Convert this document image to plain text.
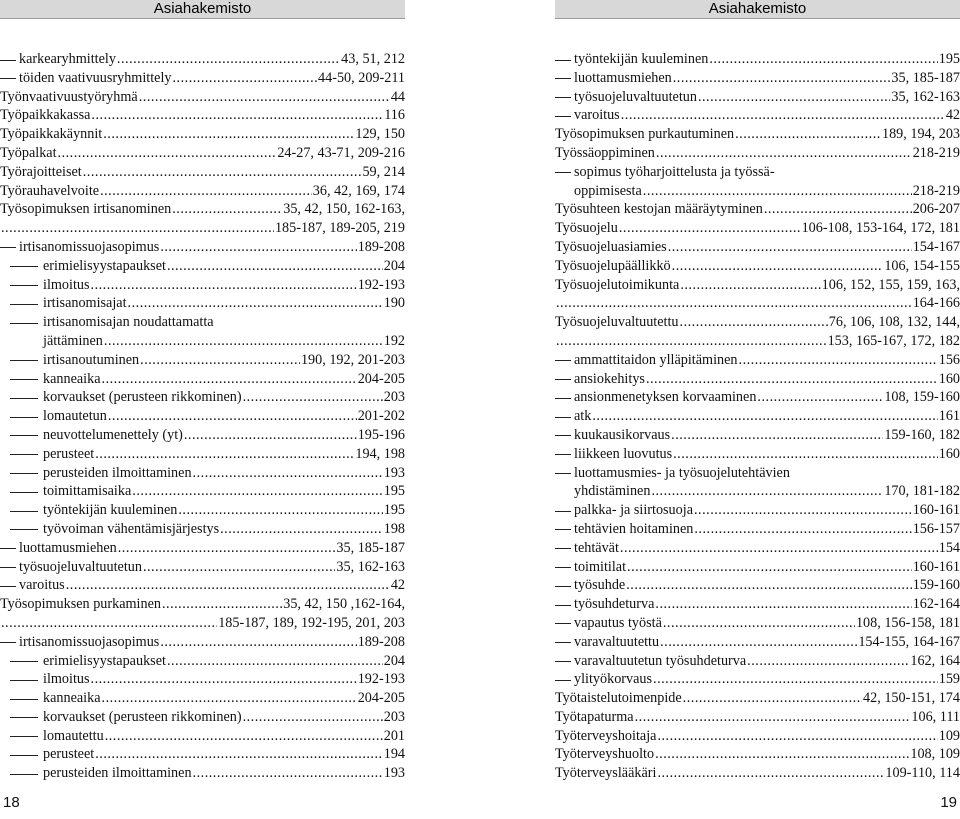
Asiahakemisto
karkearyhmittely .....	43, 51, 212
töiden vaativuusryhmittely .....	44-50, 209-211
Työnvaativuustyöryhmä .....	44
Työpaikkakassa .....	116
Työpaikkakäynnit .....	129, 150
Työpalkat .....	24-27, 43-71, 209-216
Työrajoitteiset .....	59, 214
Työrauhavelvoite .....	36, 42, 169, 174
Työsopimuksen irtisanominen .....	35, 42, 150, 162-163,
.....
185-187, 189-205, 219
irtisanomissuojasopimus .....	189-208
erimielisyystapaukset .....	204
ilmoitus .....	192-193
irtisanomisajat .....	190
irtisanomisajan noudattamatta
jättäminen .....	192
irtisanoutuminen .....	190, 192, 201-203
kanneaika .....	204-205
korvaukset (perusteen rikkominen) .....	203
lomautetun .....	201-202
neuvottelumenettely (yt) .....	195-196
perusteet .....	194, 198
perusteiden ilmoittaminen .....	193
toimittamisaika .....	195
työntekijän kuuleminen .....	195
työvoiman vähentämisjärjestys .....	198
luottamusmiehen .....	35, 185-187
työsuojeluvaltuutetun .....	35, 162-163
varoitus .....	42
Työsopimuksen purkaminen .....	35, 42, 150 ,162-164,
.....
185-187, 189, 192-195, 201, 203
irtisanomissuojasopimus .....	189-208
erimielisyystapaukset .....	204
ilmoitus .....	192-193
kanneaika .....	204-205
korvaukset (perusteen rikkominen) .....	203
lomautettu .....	201
perusteet .....	194
perusteiden ilmoittaminen .....	193
18
Asiahakemisto
työntekijän kuuleminen .....	195
luottamusmiehen .....	35, 185-187
työsuojeluvaltuutetun .....	35, 162-163
varoitus .....	42
Työsopimuksen purkautuminen .....	189, 194, 203
Työssäoppiminen .....	218-219
sopimus työharjoittelusta ja työssä-
oppimisesta .....	218-219
Työsuhteen kestojan määräytyminen .....	206-207
Työsuojelu .....	106-108, 153-164, 172, 181
Työsuojeluasiamies .....	154-167
Työsuojelupäällikkö .....	106, 154-155
Työsuojelutoimikunta .....	106, 152, 155, 159, 163,
.....
164-166
Työsuojeluvaltuutettu .....	76, 106, 108, 132, 144,
.....
153, 165-167, 172, 182
ammattitaidon ylläpitäminen .....	156
ansiokehitys .....	160
ansionmenetyksen korvaaminen .....	108, 159-160
atk .....	161
kuukausikorvaus .....	159-160, 182
liikkeen luovutus .....	160
luottamusmies- ja työsuojelutehtävien
yhdistäminen .....	170, 181-182
palkka- ja siirtosuoja .....	160-161
tehtävien hoitaminen .....	156-157
tehtävät .....	154
toimitilat .....	160-161
työsuhde .....	159-160
työsuhdeturva .....	162-164
vapautus työstä .....	108, 156-158, 181
varavaltuutettu .....	154-155, 164-167
varavaltuutetun työsuhdeturva .....	162, 164
ylityökorvaus .....	159
Työtaistelutoimenpide .....	42, 150-151, 174
Työtapaturma .....	106, 111
Työterveyshoitaja .....	109
Työterveyshuolto .....	108, 109
Työterveyslääkäri .....	109-110, 114
19
